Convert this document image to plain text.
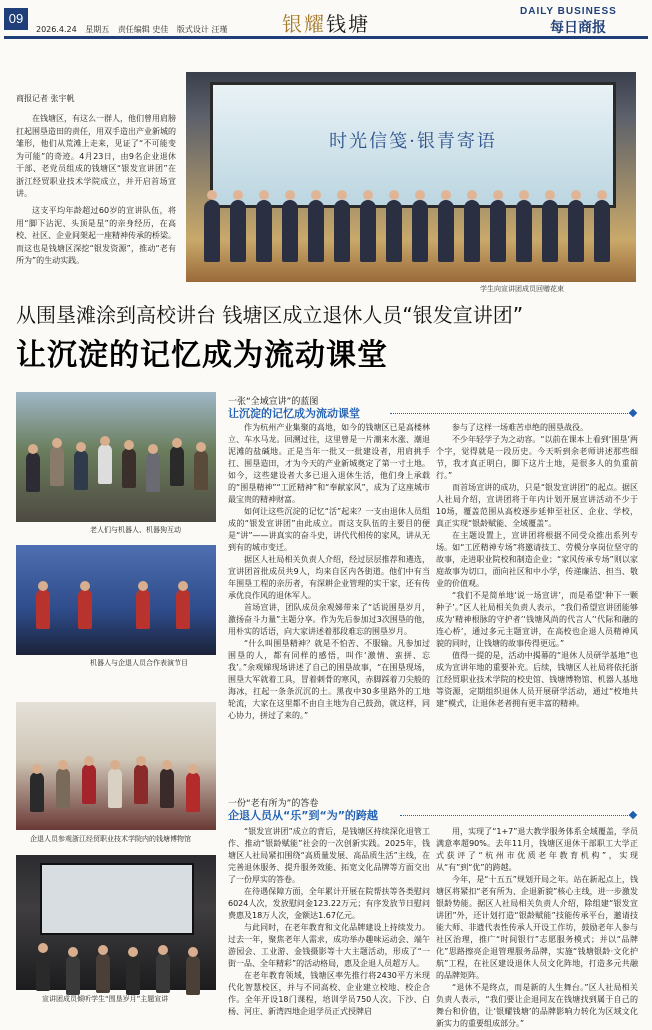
09
2026.4.24 星期五 责任编辑 史佳 版式设计 汪瑾	银耀钱塘
DAILY BUSINESS
每日商报
商报记者 张宇帆

在钱塘区，有这么一群人，他们曾用肩膀扛起围垦造田的责任，用双手造出产业新城的雏形，他们从荒滩上走来，见证了“不可能变为可能”的奇迹。4月23日，由9名企业退休干部、老党员组成的钱塘区“银发宣讲团”在浙江经贸职业技术学院成立，并开启首场宣讲。

这支平均年龄超过60岁的宣讲队伍，将用“脚下沾泥、头顶是星”的亲身经历，在高校、社区、企业间架起一座精神传承的桥梁。而这也是钱塘区深挖“银发资源”，推动“老有所为”的生动实践。

时光信笺·银青寄语
学生向宣讲团成员回赠花束
从围垦滩涂到高校讲台 钱塘区成立退休人员“银发宣讲团”
让沉淀的记忆成为流动课堂
老人们与机器人、机器狗互动
机器人与企退人员合作表演节目
企退人员参观浙江经贸职业技术学院内的钱塘博物馆
宣讲团成员倾听学生“围垦岁月”主题宣讲
一张“全域宣讲”的蓝图
让沉淀的记忆成为流动课堂

作为杭州产业集聚的高地，如今的钱塘区已是高楼林立、车水马龙。回溯过往，这里曾是一片潮来水涨、潮退泥滩的盐碱地。正是当年一批又一批建设者，用肩挑手扛、围垦造田，才为今天的产业新城奠定了第一寸土地。如今，这些建设者大多已退入退休生活，他们身上承载的“围垦精神”“工匠精神”和“奉献家风”，成为了这座城市最宝贵的精神财富。

如何让这些沉淀的记忆“活”起来？一支由退休人员组成的“银发宣讲团”由此成立。而这支队伍的主要目的便是“讲”——讲真实的奋斗史，讲代代相传的家风，讲从无到有的城市变迁。

据区人社局相关负责人介绍，经过层层推荐和遴选，宣讲团首批成员共9人，均来自区内各街道。他们中有当年围垦工程的亲历者，有深耕企业管理的实干家，还有传承优良作风的退休军人。

首场宣讲，团队成员余观娣带来了“话说围垦岁月，激扬奋斗力量”主题分享。作为先后参加过3次围垦的他，用朴实的话语，向大家讲述着那段难忘的围垦岁月。

“什么叫围垦精神？就是不怕苦、不服输。凡参加过围垦的人，都有同样的感悟，叫作‘激情、蛮拼、忘我’。”余观娣现场讲述了自己的围垦故事，“在围垦现场，围垦大军就着工具，冒着刺骨的寒风，赤脚踩着刀尖般的海冰，扛起一条条沉沉的土。黑夜中30多里路外的工地轮流，大家在这里都不由自主地为自己鼓劲，就这样，同心协力，拼过了来的。”

参与了这样一场难苦卓绝的围垦战役。

不少年轻学子为之动容。“以前在课本上看到‘围垦’两个字，觉得就是一段历史。今天听到余老师讲述那些细节，我才真正明白，脚下这片土地，是很多人的负重前行。”

而首场宣讲的成功，只是“银发宣讲团”的起点。据区人社局介绍，宣讲团将于年内计划开展宣讲活动不少于10场，覆盖范围从高校逐步延伸至社区、企业、学校，真正实现“银龄赋能、全域覆盖”。

在主题设置上，宣讲团将根据不同受众推出系列专场。如“工匠精神专场”将邀请技工、劳模分享岗位坚守的故事，走进职业院校和制造企业；“家风传承专场”则以家庭故事为切口，面向社区和中小学，传递廉洁、担当、敬业的价值观。

“我们不是简单地‘说一场宣讲’，而是希望‘种下一颗种子’。”区人社局相关负责人表示，“我们希望宣讲团能够成为‘精神根脉的守护者’‘钱塘风尚的代言人’‘代际和融的连心桥’，通过多元主题宣讲，在高校也企退人员精神风貌的同时，让钱塘的故事传得更远。”

值得一提的是，活动中揭幕的“退休人员研学基地”也成为宣讲年地的重要补充。后续，钱塘区人社局将依托浙江经贸职业技术学院的校史馆、钱塘博物馆、机器人基地等资源，定期组织退休人员开展研学活动，通过“校地共建”模式，让退休老者拥有更丰富的精神。

一份“老有所为”的答卷
企退人员从“乐”到“为”的跨越

“银发宣讲团”成立的背后，是钱塘区持续深化退管工作、推动“银龄赋能”社会的一次创新实践。2025年，钱塘区人社局紧扣围绕“高质量发展、高品质生活”主线，在完善退休服务、提升服务效能、拓宽文化品牌等方面交出了一份厚实的答卷。

在待遇保障方面，全年累计开展在院帮扶等各类慰问6024人次，发放慰问金123.22万元；有序发放节日慰问费惠及18万人次，金额达1.67亿元。

与此同时，在老年教育和文化品牌建设上持续发力。过去一年，聚焦老年人需求，成功举办趣味运动会、端午游园会、工业游、金钱摄影等十大主题活动，形成了“一街一品、全年精彩”的活动格局，惠及企退人员超万人。

在老年教育领域，钱塘区率先推行将2430平方米现代化智慧校区，并与不同高校、企业建立校地、校企合作。全年开设18门课程，培训学员750人次。下沙、白杨、河庄、新湾四地企退学员正式授牌启

用，实现了“1+7”退大教学服务体系全域覆盖，学员满意率超90%。去年11月，钱塘区退休干部职工大学正式获评了“杭州市优质老年教育机构”，实现从“有”到“优”的跨越。

今年，是“十五五”规划开局之年。站在新起点上，钱塘区将紧扣“老有所为、企退新貌”核心主线，进一步激发银龄势能。据区人社局相关负责人介绍，除组建“银发宣讲团”外，还计划打造“银龄赋能”技能传承平台，邀请技能大师、非遗代表性传承人开设工作坊，鼓励老年人参与社区治理，推广“时间银行”志愿服务模式；并以“品牌化”思路擦亮企退管理服务品牌，实施“钱塘银龄·文化护航”工程，在社区建设退休人员文化阵地，打造多元共融的品牌矩阵。

“退休不是终点，而是新的人生舞台。”区人社局相关负责人表示，“我们要让企退同友在钱塘找到属于自己的舞台和价值，让‘银耀钱塘’的品牌影响力转化为区域文化新实力的重要组成部分。”
